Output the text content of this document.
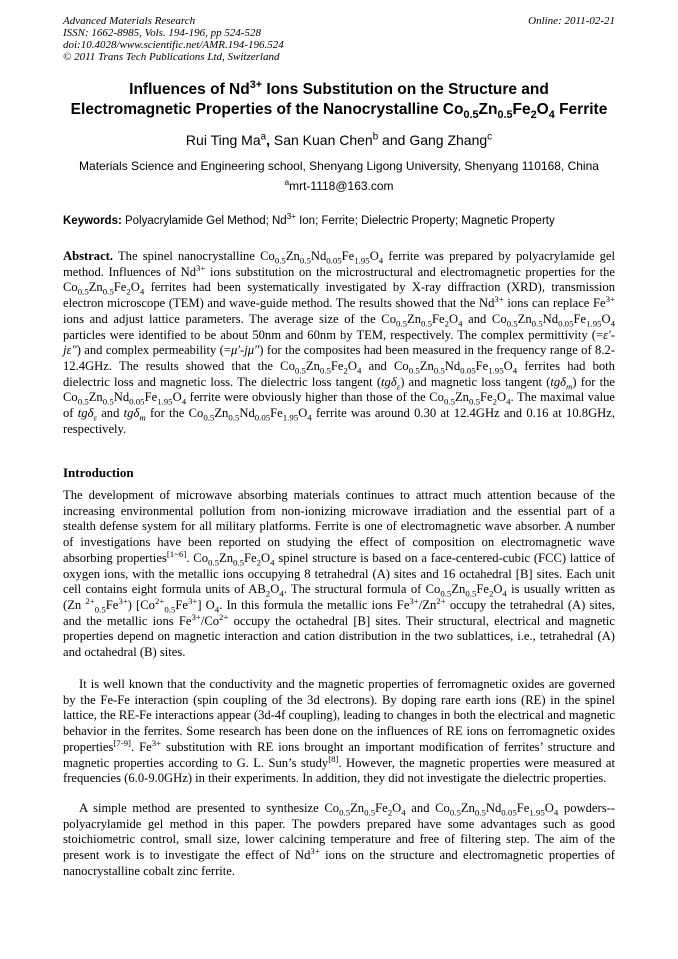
Advanced Materials Research
ISSN: 1662-8985, Vols. 194-196, pp 524-528
doi:10.4028/www.scientific.net/AMR.194-196.524
© 2011 Trans Tech Publications Ltd, Switzerland
Online: 2011-02-21
Influences of $Nd^{3+}$ Ions Substitution on the Structure and
Electromagnetic Properties of the Nanocrystalline $Co_{0.5}Zn_{0.5}Fe_2O_4$ Ferrite
Rui Ting Ma$^a$, San Kuan Chen$^b$ and Gang Zhang$^c$
Materials Science and Engineering school, Shenyang Ligong University, Shenyang 110168, China
$^a$mrt-1118@163.com
Keywords: Polyacrylamide Gel Method; $Nd^{3+}$ Ion; Ferrite; Dielectric Property; Magnetic Property
Abstract. The spinel nanocrystalline $Co_{0.5}Zn_{0.5}Nd_{0.05}Fe_{1.95}O_4$ ferrite was prepared by polyacrylamide gel method. Influences of $Nd^{3+}$ ions substitution on the microstructural and electromagnetic properties for the $Co_{0.5}Zn_{0.5}Fe_2O_4$ ferrites had been systematically investigated by X-ray diffraction (XRD), transmission electron microscope (TEM) and wave-guide method. The results showed that the $Nd^{3+}$ ions can replace $Fe^{3+}$ ions and adjust lattice parameters. The average size of the $Co_{0.5}Zn_{0.5}Fe_2O_4$ and $Co_{0.5}Zn_{0.5}Nd_{0.05}Fe_{1.95}O_4$ particles were identified to be about 50nm and 60nm by TEM, respectively. The complex permittivity (=ε′-jε″) and complex permeability (=μ′-jμ″) for the composites had been measured in the frequency range of 8.2-12.4GHz. The results showed that the $Co_{0.5}Zn_{0.5}Fe_2O_4$ and $Co_{0.5}Zn_{0.5}Nd_{0.05}Fe_{1.95}O_4$ ferrites had both dielectric loss and magnetic loss. The dielectric loss tangent (tgδ$_\varepsilon$) and magnetic loss tangent (tgδ$_m$) for the $Co_{0.5}Zn_{0.5}Nd_{0.05}Fe_{1.95}O_4$ ferrite were obviously higher than those of the $Co_{0.5}Zn_{0.5}Fe_2O_4$. The maximal value of tgδ$_\varepsilon$ and tgδ$_m$ for the $Co_{0.5}Zn_{0.5}Nd_{0.05}Fe_{1.95}O_4$ ferrite was around 0.30 at 12.4GHz and 0.16 at 10.8GHz, respectively.
Introduction
The development of microwave absorbing materials continues to attract much attention because of the increasing environmental pollution from non-ionizing microwave irradiation and the essential part of a stealth defense system for all military platforms. Ferrite is one of electromagnetic wave absorber. A number of investigations have been reported on studying the effect of composition on electromagnetic wave absorbing properties[1~6]. $Co_{0.5}Zn_{0.5}Fe_2O_4$ spinel structure is based on a face-centered-cubic (FCC) lattice of oxygen ions, with the metallic ions occupying 8 tetrahedral (A) sites and 16 octahedral [B] sites. Each unit cell contains eight formula units of $AB_2O_4$. The structural formula of $Co_{0.5}Zn_{0.5}Fe_2O_4$ is usually written as (Zn $^{2+}_{0.5}Fe^{3+}$) $[Co^{2+}_{0.5}Fe^{3+}]$ $O_4$. In this formula the metallic ions $Fe^{3+}/Zn^{2+}$ occupy the tetrahedral (A) sites, and the metallic ions $Fe^{3+}/Co^{2+}$ occupy the octahedral [B] sites. Their structural, electrical and magnetic properties depend on magnetic interaction and cation distribution in the two sublattices, i.e., tetrahedral (A) and octahedral (B) sites.
It is well known that the conductivity and the magnetic properties of ferromagnetic oxides are governed by the Fe-Fe interaction (spin coupling of the 3d electrons). By doping rare earth ions (RE) in the spinel lattice, the RE-Fe interactions appear (3d-4f coupling), leading to changes in both the electrical and magnetic behavior in the ferrites. Some research has been done on the influences of RE ions on ferromagnetic oxides properties[7-9]. $Fe^{3+}$ substitution with RE ions brought an important modification of ferrites’ structure and magnetic properties according to G. L. Sun’s study[8]. However, the magnetic properties were measured at frequencies (6.0-9.0GHz) in their experiments. In addition, they did not investigate the dielectric properties.
A simple method are presented to synthesize $Co_{0.5}Zn_{0.5}Fe_2O_4$ and $Co_{0.5}Zn_{0.5}Nd_{0.05}Fe_{1.95}O_4$ powders--polyacrylamide gel method in this paper. The powders prepared have some advantages such as good stoichiometric control, small size, lower calcining temperature and free of filtering step. The aim of the present work is to investigate the effect of $Nd^{3+}$ ions on the structure and electromagnetic properties of nanocrystalline cobalt zinc ferrite.
